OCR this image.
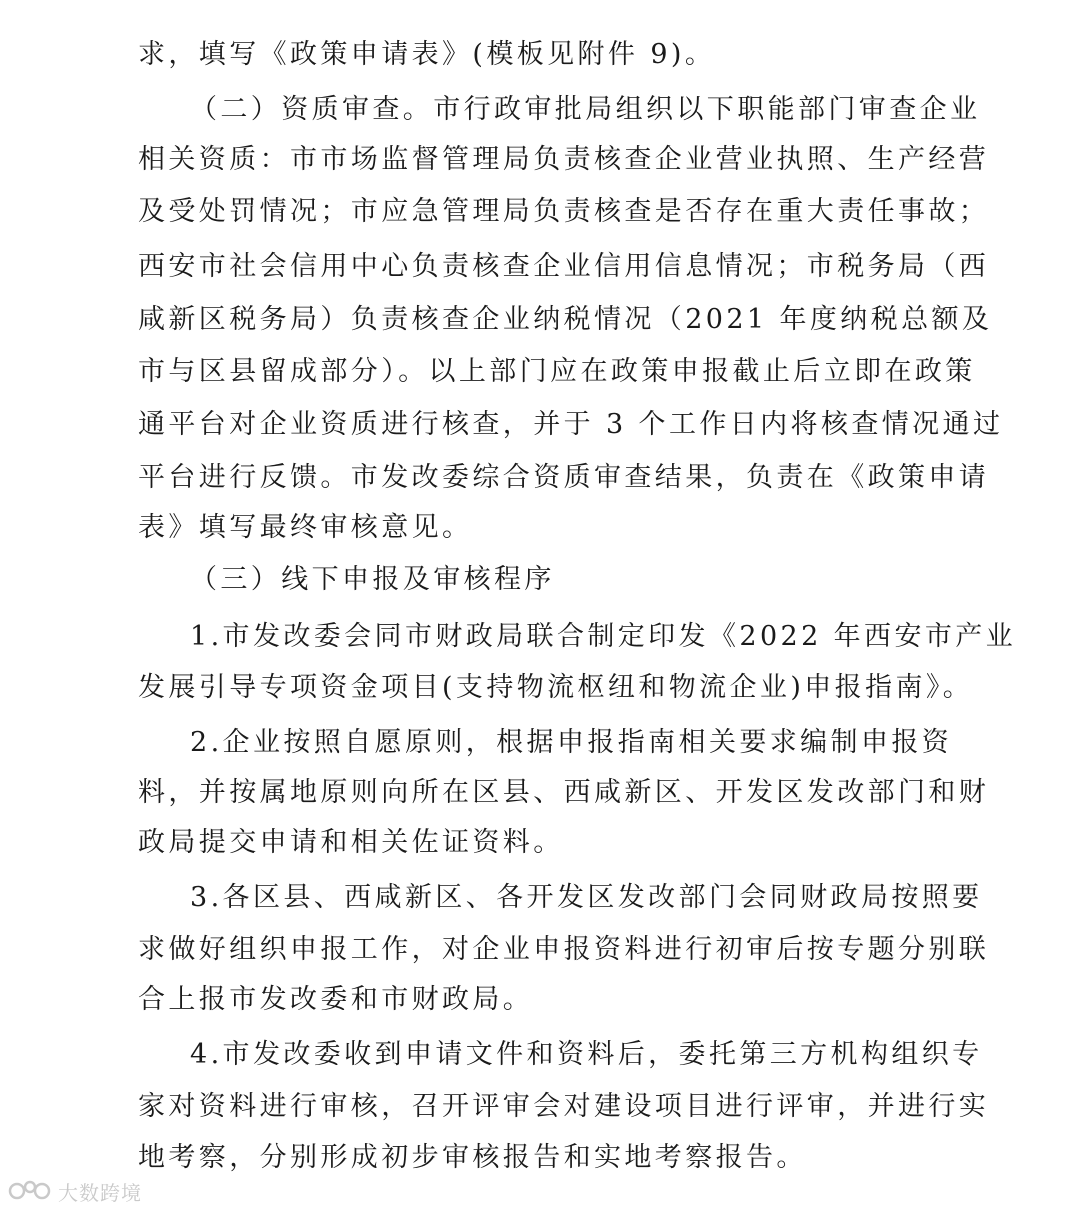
求，填写《政策申请表》(模板见附件 9)。
（二）资质审查。市行政审批局组织以下职能部门审查企业
相关资质：市市场监督管理局负责核查企业营业执照、生产经营
及受处罚情况；市应急管理局负责核查是否存在重大责任事故；
西安市社会信用中心负责核查企业信用信息情况；市税务局（西
咸新区税务局）负责核查企业纳税情况（2021 年度纳税总额及
市与区县留成部分）。以上部门应在政策申报截止后立即在政策
通平台对企业资质进行核查，并于 3 个工作日内将核查情况通过
平台进行反馈。市发改委综合资质审查结果，负责在《政策申请
表》填写最终审核意见。
（三）线下申报及审核程序
1.市发改委会同市财政局联合制定印发《2022 年西安市产业
发展引导专项资金项目(支持物流枢纽和物流企业)申报指南》。
2.企业按照自愿原则，根据申报指南相关要求编制申报资
料，并按属地原则向所在区县、西咸新区、开发区发改部门和财
政局提交申请和相关佐证资料。
3.各区县、西咸新区、各开发区发改部门会同财政局按照要
求做好组织申报工作，对企业申报资料进行初审后按专题分别联
合上报市发改委和市财政局。
4.市发改委收到申请文件和资料后，委托第三方机构组织专
家对资料进行审核，召开评审会对建设项目进行评审，并进行实
地考察，分别形成初步审核报告和实地考察报告。
大数跨境
